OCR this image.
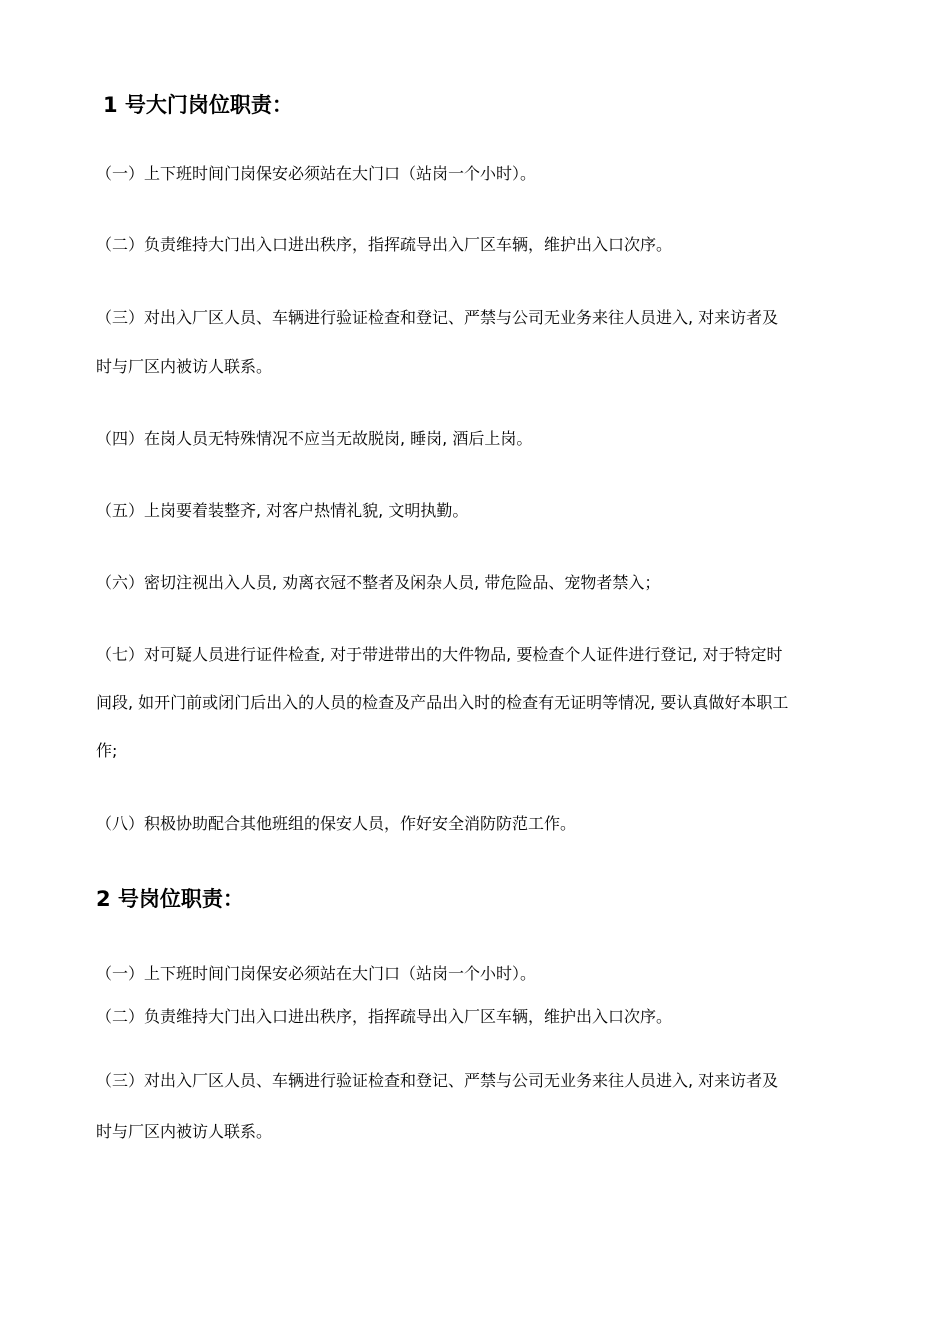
1 号大门岗位职责：
（一）上下班时间门岗保安必须站在大门口（站岗一个小时）。
（二）负责维持大门出入口进出秩序，指挥疏导出入厂区车辆，维护出入口次序。
（三）对出入厂区人员、车辆进行验证检查和登记、严禁与公司无业务来往人员进入, 对来访者及
时与厂区内被访人联系。
（四）在岗人员无特殊情况不应当无故脱岗, 睡岗, 酒后上岗。
（五）上岗要着装整齐, 对客户热情礼貌, 文明执勤。
（六）密切注视出入人员, 劝离衣冠不整者及闲杂人员, 带危险品、宠物者禁入；
（七）对可疑人员进行证件检查, 对于带进带出的大件物品, 要检查个人证件进行登记, 对于特定时
间段, 如开门前或闭门后出入的人员的检查及产品出入时的检查有无证明等情况, 要认真做好本职工
作;
（八）积极协助配合其他班组的保安人员，作好安全消防防范工作。
2 号岗位职责：
（一）上下班时间门岗保安必须站在大门口（站岗一个小时）。
（二）负责维持大门出入口进出秩序，指挥疏导出入厂区车辆，维护出入口次序。
（三）对出入厂区人员、车辆进行验证检查和登记、严禁与公司无业务来往人员进入, 对来访者及
时与厂区内被访人联系。
